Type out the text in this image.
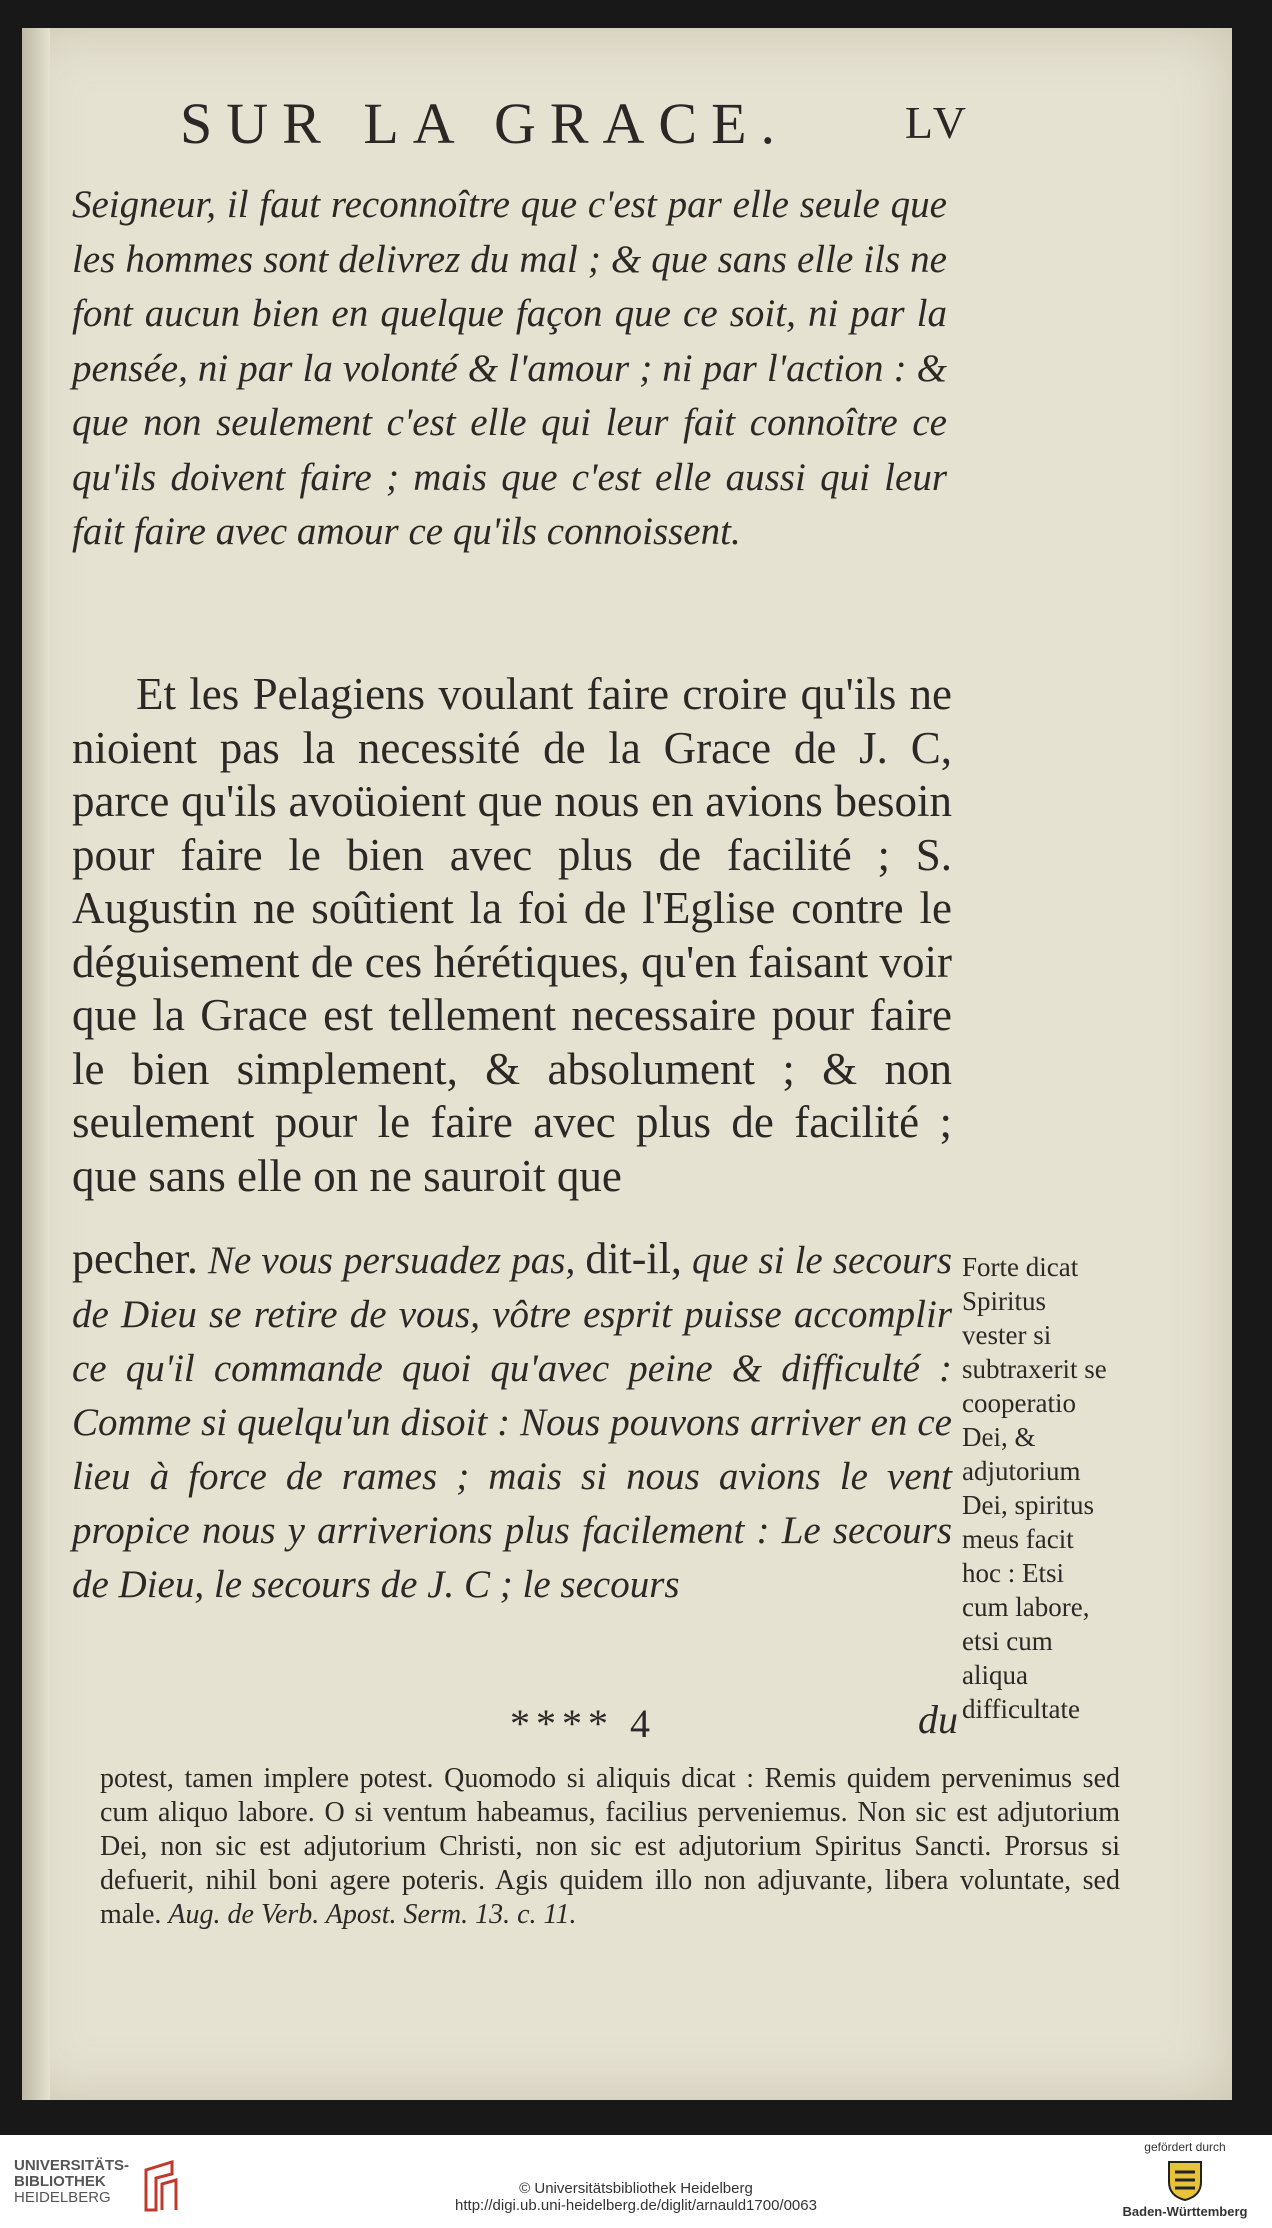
SUR LA GRACE.	LV
Seigneur, il faut reconnoître que c'est par elle seule que les hommes sont delivrez du mal ; & que sans elle ils ne font aucun bien en quelque façon que ce soit, ni par la pensée, ni par la volonté & l'amour ; ni par l'action : & que non seulement c'est elle qui leur fait connoître ce qu'ils doivent faire ; mais que c'est elle aussi qui leur fait faire avec amour ce qu'ils connoissent.
Et les Pelagiens voulant faire croire qu'ils ne nioient pas la necessité de la Grace de J. C, parce qu'ils avoüoient que nous en avions besoin pour faire le bien avec plus de facilité ; S. Augustin ne soûtient la foi de l'Eglise contre le déguisement de ces hérétiques, qu'en faisant voir que la Grace est tellement necessaire pour faire le bien simplement, & absolument ; & non seulement pour le faire avec plus de facilité ; que sans elle on ne sauroit que
pecher. Ne vous persuadez pas, dit-il, que si le secours de Dieu se retire de vous, vôtre esprit puisse accomplir ce qu'il commande quoi qu'avec peine & difficulté : Comme si quelqu'un disoit : Nous pouvons arriver en ce lieu à force de rames ; mais si nous avions le vent propice nous y arriverions plus facilement : Le secours de Dieu, le secours de J. C ; le secours
Forte dicat Spiritus vester si subtraxerit se cooperatio Dei, & adjutorium Dei, spiritus meus facit hoc : Etsi cum labore, etsi cum aliqua difficultate
**** 4	du
potest, tamen implere potest. Quomodo si aliquis dicat : Remis quidem pervenimus sed cum aliquo labore. O si ventum habeamus, facilius perveniemus. Non sic est adjutorium Dei, non sic est adjutorium Christi, non sic est adjutorium Spiritus Sancti. Prorsus si defuerit, nihil boni agere poteris. Agis quidem illo non adjuvante, libera voluntate, sed male. Aug. de Verb. Apost. Serm. 13. c. 11.
UNIVERSITÄTS-
BIBLIOTHEK
HEIDELBERG
© Universitätsbibliothek Heidelberg
http://digi.ub.uni-heidelberg.de/diglit/arnauld1700/0063
gefördert durch
Baden-Württemberg
